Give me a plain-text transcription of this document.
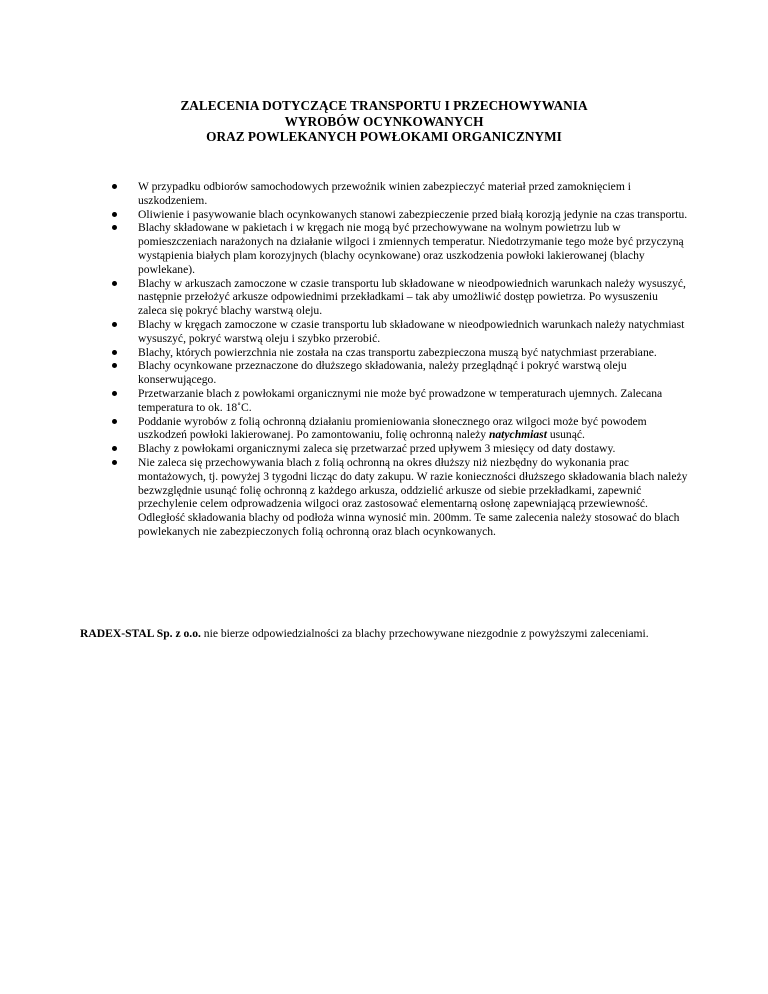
ZALECENIA DOTYCZĄCE TRANSPORTU I PRZECHOWYWANIA
WYROBÓW OCYNKOWANYCH
ORAZ POWLEKANYCH POWŁOKAMI ORGANICZNYMI
W przypadku odbiorów samochodowych przewoźnik winien zabezpieczyć materiał przed zamoknięciem i uszkodzeniem.
Oliwienie i pasywowanie blach ocynkowanych stanowi zabezpieczenie przed białą korozją jedynie na czas transportu.
Blachy składowane w pakietach i w kręgach nie mogą być przechowywane na wolnym powietrzu lub w pomieszczeniach narażonych na działanie wilgoci i zmiennych temperatur. Niedotrzymanie tego może być przyczyną wystąpienia białych plam korozyjnych (blachy ocynkowane) oraz uszkodzenia powłoki lakierowanej (blachy powlekane).
Blachy w arkuszach zamoczone w czasie transportu lub składowane w nieodpowiednich warunkach należy wysuszyć, następnie przełożyć arkusze odpowiednimi przekładkami – tak aby umożliwić dostęp powietrza. Po wysuszeniu zaleca się pokryć blachy warstwą oleju.
Blachy w kręgach zamoczone w czasie transportu lub składowane w nieodpowiednich warunkach należy natychmiast wysuszyć, pokryć warstwą oleju i szybko przerobić.
Blachy, których powierzchnia nie została na czas transportu zabezpieczona muszą być natychmiast przerabiane.
Blachy ocynkowane przeznaczone do dłuższego składowania, należy przeglądnąć i pokryć warstwą oleju konserwującego.
Przetwarzanie blach z powłokami organicznymi nie może być prowadzone w temperaturach ujemnych. Zalecana temperatura to ok. 18˚C.
Poddanie wyrobów z folią ochronną działaniu promieniowania słonecznego oraz wilgoci może być powodem uszkodzeń powłoki lakierowanej. Po zamontowaniu, folię ochronną należy natychmiast usunąć.
Blachy z powłokami organicznymi zaleca się przetwarzać przed upływem 3 miesięcy od daty dostawy.
Nie zaleca się przechowywania blach z folią ochronną na okres dłuższy niż niezbędny do wykonania prac montażowych, tj. powyżej 3 tygodni licząc do daty zakupu. W razie konieczności dłuższego składowania blach należy bezwzględnie usunąć folię ochronną z każdego arkusza, oddzielić arkusze od siebie przekładkami, zapewnić przechylenie celem odprowadzenia wilgoci oraz zastosować elementarną osłonę zapewniającą przewiewność. Odległość składowania blachy od podłoża winna wynosić min. 200mm. Te same zalecenia należy stosować do blach powlekanych nie zabezpieczonych folią ochronną oraz blach ocynkowanych.
RADEX-STAL Sp. z o.o. nie bierze odpowiedzialności za blachy przechowywane niezgodnie z powyższymi zaleceniami.
